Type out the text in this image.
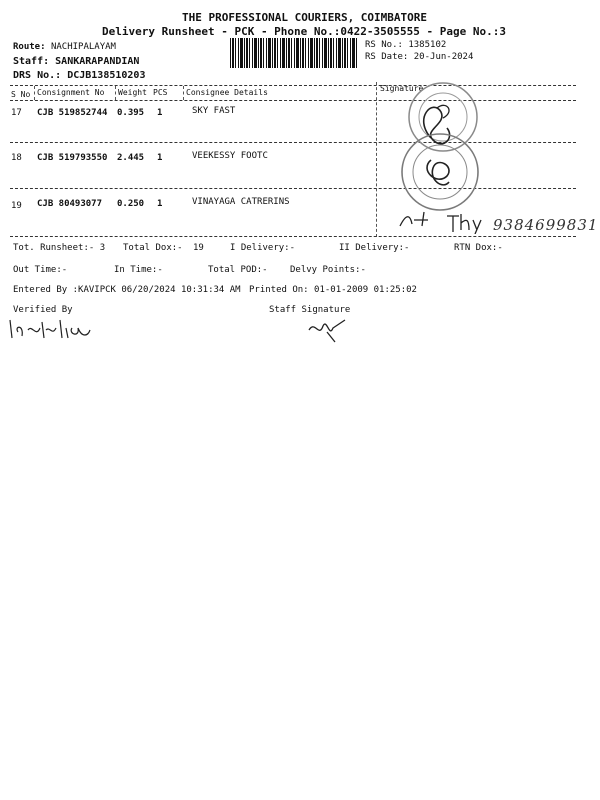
THE PROFESSIONAL COURIERS, COIMBATORE
Delivery Runsheet - PCK - Phone No.:0422-3505555 - Page No.:3
Route: NACHIPALAYAM
Staff: SANKARAPANDIAN
DRS No.: DCJB138510203
RS No.: 1385102
RS Date: 20-Jun-2024
S No Consignment No Weight PCS Consignee Details	Signature
17 CJB 519852744 0.395 1	SKY FAST
18 CJB 519793550 2.445 1	VEEKESSY FOOTC
19 CJB 80493077 0.250 1	VINAYAGA CATRERINS
9384699831
Tot. Runsheet:- 3 Total Dox:- 19	I Delivery:-	II Delivery:-	RTN Dox:-
Out Time:-	In Time:-	Total POD:- Delvy Points:-
Entered By :KAVIPCK 06/20/2024 10:31:34 AM Printed On: 01-01-2009 01:25:02
Verified By	Staff Signature
